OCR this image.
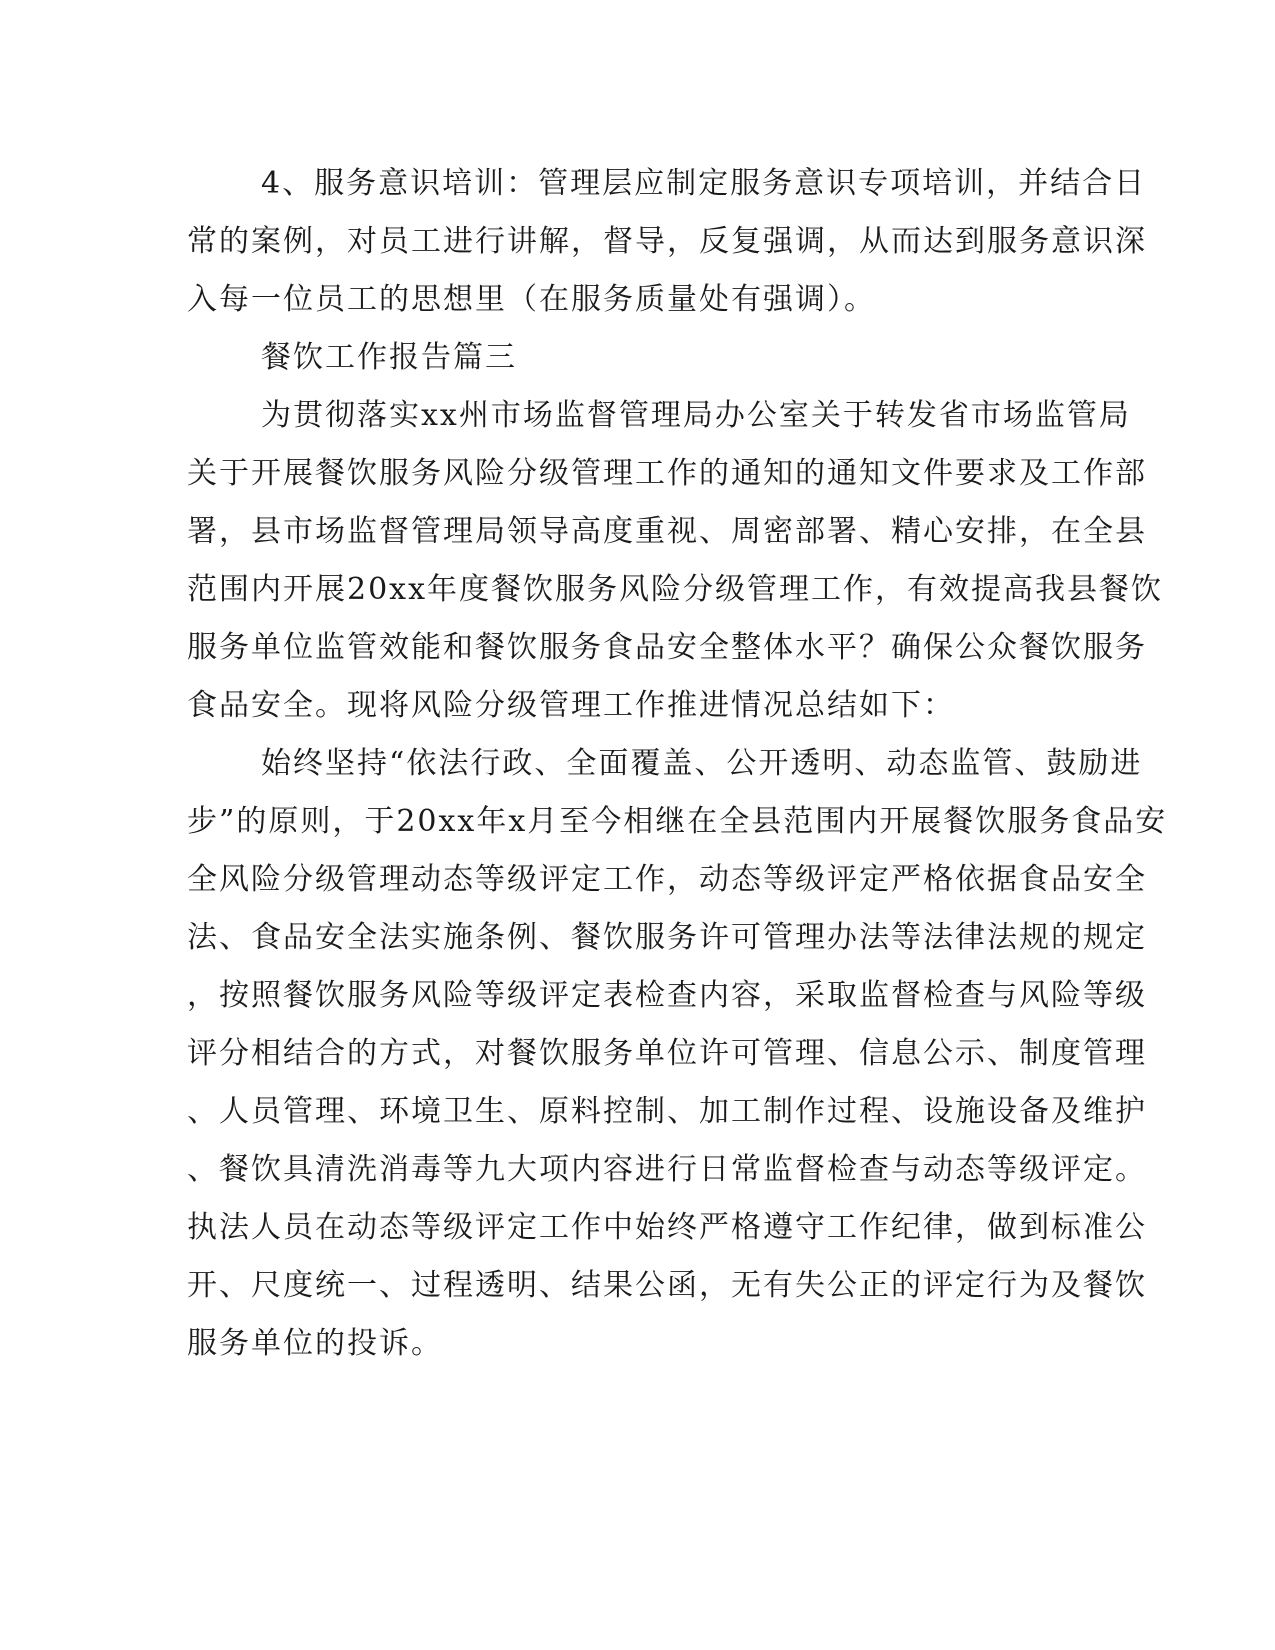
4、服务意识培训：管理层应制定服务意识专项培训，并结合日
常的案例，对员工进行讲解，督导，反复强调，从而达到服务意识深
入每一位员工的思想里（在服务质量处有强调）。
餐饮工作报告篇三
为贯彻落实xx州市场监督管理局办公室关于转发省市场监管局
关于开展餐饮服务风险分级管理工作的通知的通知文件要求及工作部
署，县市场监督管理局领导高度重视、周密部署、精心安排，在全县
范围内开展20xx年度餐饮服务风险分级管理工作，有效提高我县餐饮
服务单位监管效能和餐饮服务食品安全整体水平？确保公众餐饮服务
食品安全。现将风险分级管理工作推进情况总结如下：
始终坚持“依法行政、全面覆盖、公开透明、动态监管、鼓励进
步”的原则，于20xx年x月至今相继在全县范围内开展餐饮服务食品安
全风险分级管理动态等级评定工作，动态等级评定严格依据食品安全
法、食品安全法实施条例、餐饮服务许可管理办法等法律法规的规定
，按照餐饮服务风险等级评定表检查内容，采取监督检查与风险等级
评分相结合的方式，对餐饮服务单位许可管理、信息公示、制度管理
、人员管理、环境卫生、原料控制、加工制作过程、设施设备及维护
、餐饮具清洗消毒等九大项内容进行日常监督检查与动态等级评定。
执法人员在动态等级评定工作中始终严格遵守工作纪律，做到标准公
开、尺度统一、过程透明、结果公函，无有失公正的评定行为及餐饮
服务单位的投诉。
